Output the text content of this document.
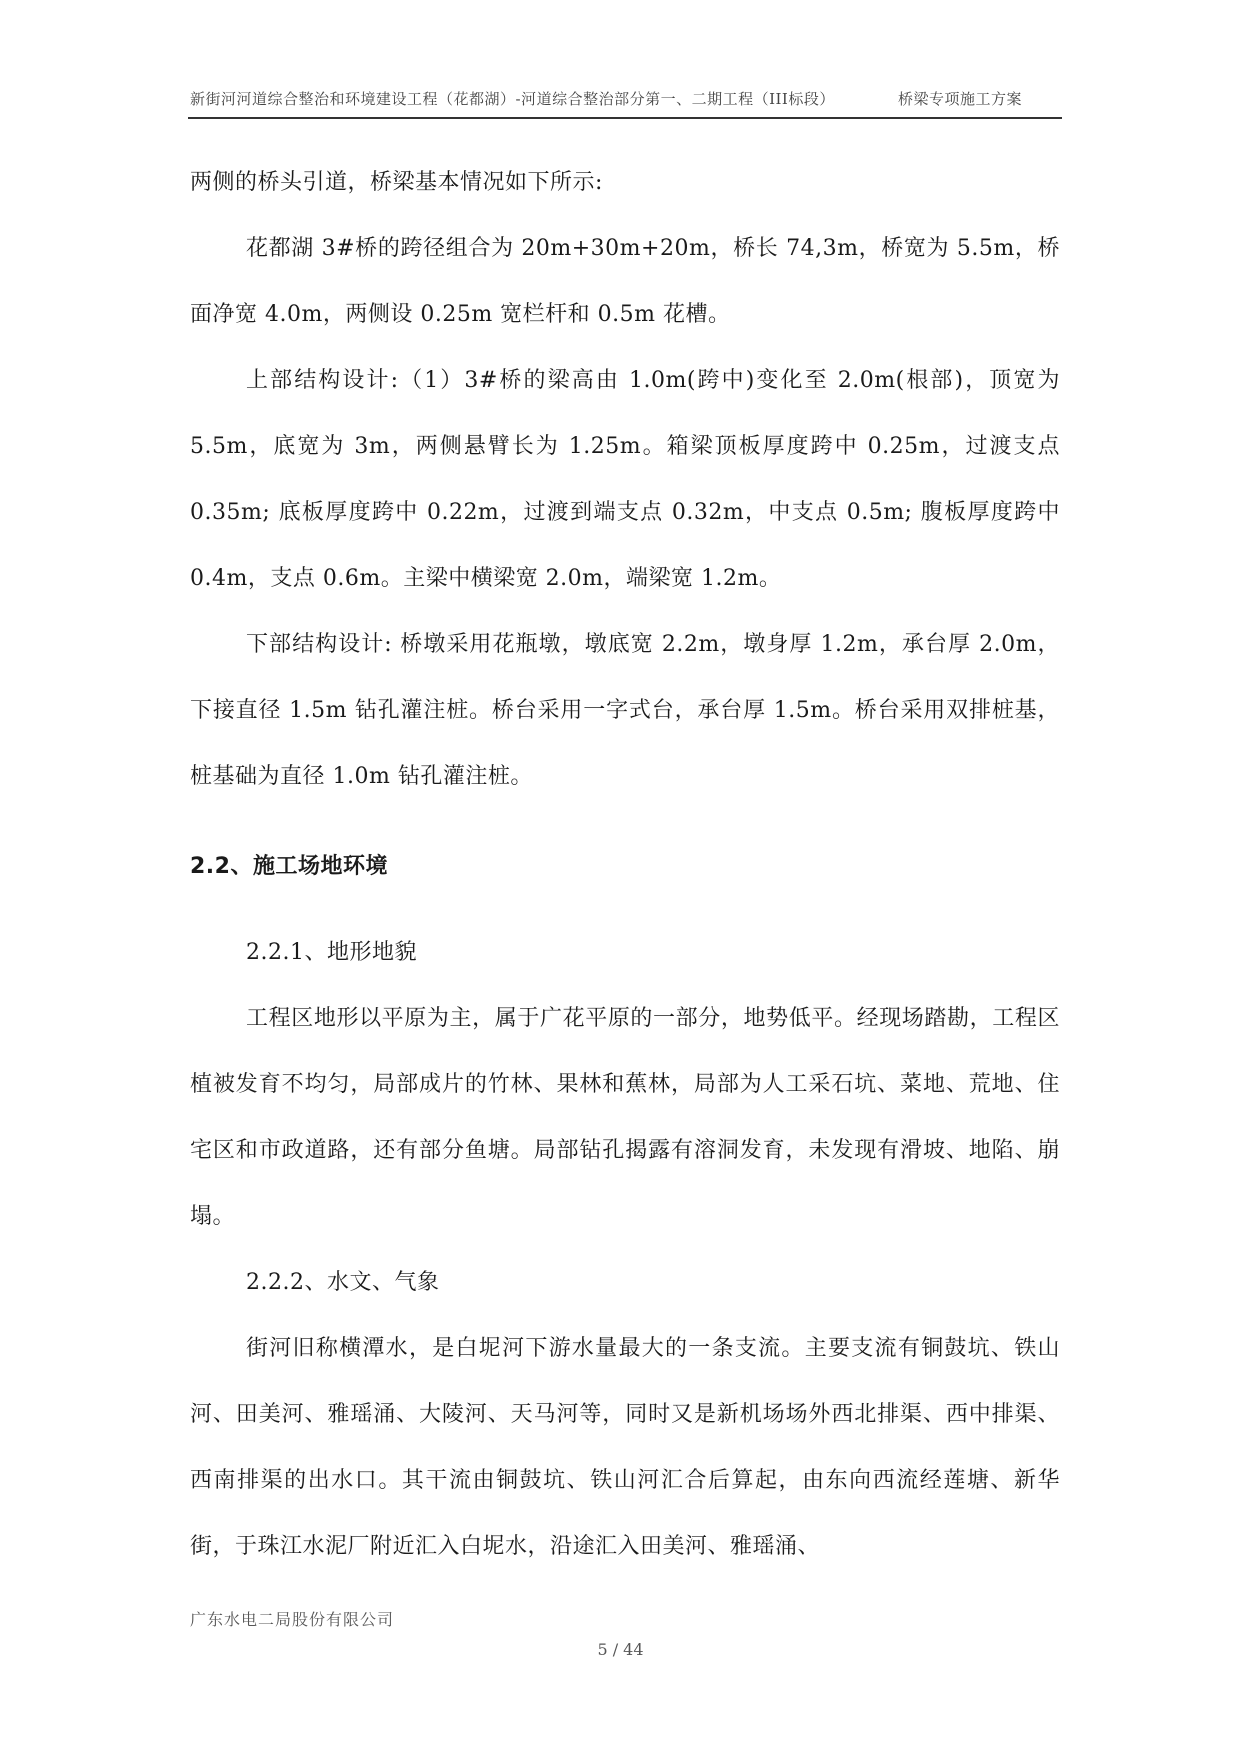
新街河河道综合整治和环境建设工程（花都湖）-河道综合整治部分第一、二期工程（III标段）	桥梁专项施工方案

两侧的桥头引道，桥梁基本情况如下所示:

花都湖 3#桥的跨径组合为 20m+30m+20m，桥长 74,3m，桥宽为 5.5m，桥面净宽 4.0m，两侧设 0.25m 宽栏杆和 0.5m 花槽。

上部结构设计:（1）3#桥的梁高由 1.0m(跨中)变化至 2.0m(根部)，顶宽为 5.5m，底宽为 3m，两侧悬臂长为 1.25m。箱梁顶板厚度跨中 0.25m，过渡支点 0.35m; 底板厚度跨中 0.22m，过渡到端支点 0.32m，中支点 0.5m; 腹板厚度跨中 0.4m，支点 0.6m。主梁中横梁宽 2.0m，端梁宽 1.2m。

下部结构设计: 桥墩采用花瓶墩，墩底宽 2.2m，墩身厚 1.2m，承台厚 2.0m，下接直径 1.5m 钻孔灌注桩。桥台采用一字式台，承台厚 1.5m。桥台采用双排桩基，桩基础为直径 1.0m 钻孔灌注桩。

2.2、施工场地环境

2.2.1、地形地貌

工程区地形以平原为主，属于广花平原的一部分，地势低平。经现场踏勘，工程区植被发育不均匀，局部成片的竹林、果林和蕉林，局部为人工采石坑、菜地、荒地、住宅区和市政道路，还有部分鱼塘。局部钻孔揭露有溶洞发育，未发现有滑坡、地陷、崩塌。

2.2.2、水文、气象

街河旧称横潭水，是白坭河下游水量最大的一条支流。主要支流有铜鼓坑、铁山河、田美河、雅瑶涌、大陵河、天马河等，同时又是新机场场外西北排渠、西中排渠、西南排渠的出水口。其干流由铜鼓坑、铁山河汇合后算起，由东向西流经莲塘、新华街，于珠江水泥厂附近汇入白坭水，沿途汇入田美河、雅瑶涌、

广东水电二局股份有限公司
5 / 44
